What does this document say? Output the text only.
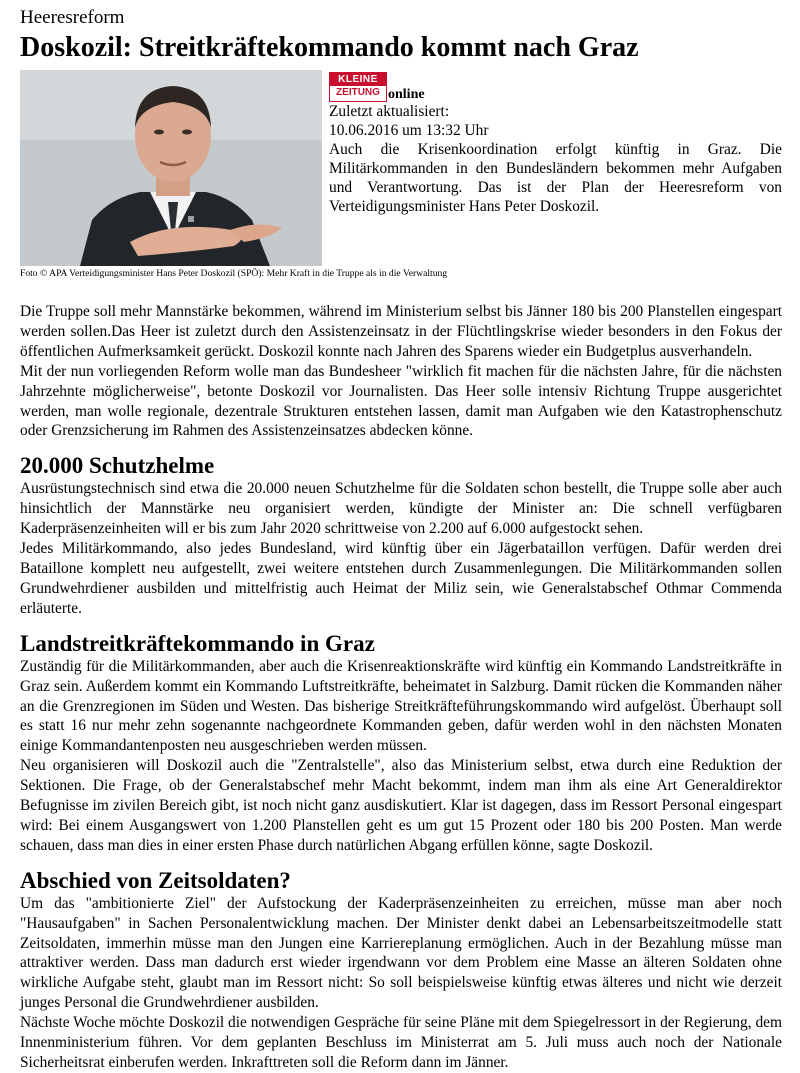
Heeresreform

Doskozil: Streitkräftekommando kommt nach Graz
Foto © APA Verteidigungsminister Hans Peter Doskozil (SPÖ): Mehr Kraft in die Truppe als in die Verwaltung
KLEINE
ZEITUNG online

Zuletzt aktualisiert:

10.06.2016 um 13:32 Uhr

Auch die Krisenkoordination erfolgt künftig in Graz. Die Militärkommanden in den Bundesländern bekommen mehr Aufgaben und Verantwortung. Das ist der Plan der Heeresreform von Verteidigungsminister Hans Peter Doskozil.

Die Truppe soll mehr Mannstärke bekommen, während im Ministerium selbst bis Jänner 180 bis 200 Planstellen eingespart werden sollen.Das Heer ist zuletzt durch den Assistenzeinsatz in der Flüchtlingskrise wieder besonders in den Fokus der öffentlichen Aufmerksamkeit gerückt. Doskozil konnte nach Jahren des Sparens wieder ein Budgetplus ausverhandeln.

Mit der nun vorliegenden Reform wolle man das Bundesheer "wirklich fit machen für die nächsten Jahre, für die nächsten Jahrzehnte möglicherweise", betonte Doskozil vor Journalisten. Das Heer solle intensiv Richtung Truppe ausgerichtet werden, man wolle regionale, dezentrale Strukturen entstehen lassen, damit man Aufgaben wie den Katastrophenschutz oder Grenzsicherung im Rahmen des Assistenzeinsatzes abdecken könne.

20.000 Schutzhelme

Ausrüstungstechnisch sind etwa die 20.000 neuen Schutzhelme für die Soldaten schon bestellt, die Truppe solle aber auch hinsichtlich der Mannstärke neu organisiert werden, kündigte der Minister an: Die schnell verfügbaren Kaderpräsenzeinheiten will er bis zum Jahr 2020 schrittweise von 2.200 auf 6.000 aufgestockt sehen.

Jedes Militärkommando, also jedes Bundesland, wird künftig über ein Jägerbataillon verfügen. Dafür werden drei Bataillone komplett neu aufgestellt, zwei weitere entstehen durch Zusammenlegungen. Die Militärkommanden sollen Grundwehrdiener ausbilden und mittelfristig auch Heimat der Miliz sein, wie Generalstabschef Othmar Commenda erläuterte.

Landstreitkräftekommando in Graz

Zuständig für die Militärkommanden, aber auch die Krisenreaktionskräfte wird künftig ein Kommando Landstreitkräfte in Graz sein. Außerdem kommt ein Kommando Luftstreitkräfte, beheimatet in Salzburg. Damit rücken die Kommanden näher an die Grenzregionen im Süden und Westen. Das bisherige Streitkräfteführungskommando wird aufgelöst. Überhaupt soll es statt 16 nur mehr zehn sogenannte nachgeordnete Kommanden geben, dafür werden wohl in den nächsten Monaten einige Kommandantenposten neu ausgeschrieben werden müssen.

Neu organisieren will Doskozil auch die "Zentralstelle", also das Ministerium selbst, etwa durch eine Reduktion der Sektionen. Die Frage, ob der Generalstabschef mehr Macht bekommt, indem man ihm als eine Art Generaldirektor Befugnisse im zivilen Bereich gibt, ist noch nicht ganz ausdiskutiert. Klar ist dagegen, dass im Ressort Personal eingespart wird: Bei einem Ausgangswert von 1.200 Planstellen geht es um gut 15 Prozent oder 180 bis 200 Posten. Man werde schauen, dass man dies in einer ersten Phase durch natürlichen Abgang erfüllen könne, sagte Doskozil.

Abschied von Zeitsoldaten?

Um das "ambitionierte Ziel" der Aufstockung der Kaderpräsenzeinheiten zu erreichen, müsse man aber noch "Hausaufgaben" in Sachen Personalentwicklung machen. Der Minister denkt dabei an Lebensarbeitszeitmodelle statt Zeitsoldaten, immerhin müsse man den Jungen eine Karriereplanung ermöglichen. Auch in der Bezahlung müsse man attraktiver werden. Dass man dadurch erst wieder irgendwann vor dem Problem eine Masse an älteren Soldaten ohne wirkliche Aufgabe steht, glaubt man im Ressort nicht: So soll beispielsweise künftig etwas älteres und nicht wie derzeit junges Personal die Grundwehrdiener ausbilden.

Nächste Woche möchte Doskozil die notwendigen Gespräche für seine Pläne mit dem Spiegelressort in der Regierung, dem Innenministerium führen. Vor dem geplanten Beschluss im Ministerrat am 5. Juli muss auch noch der Nationale Sicherheitsrat einberufen werden. Inkrafttreten soll die Reform dann im Jänner.
